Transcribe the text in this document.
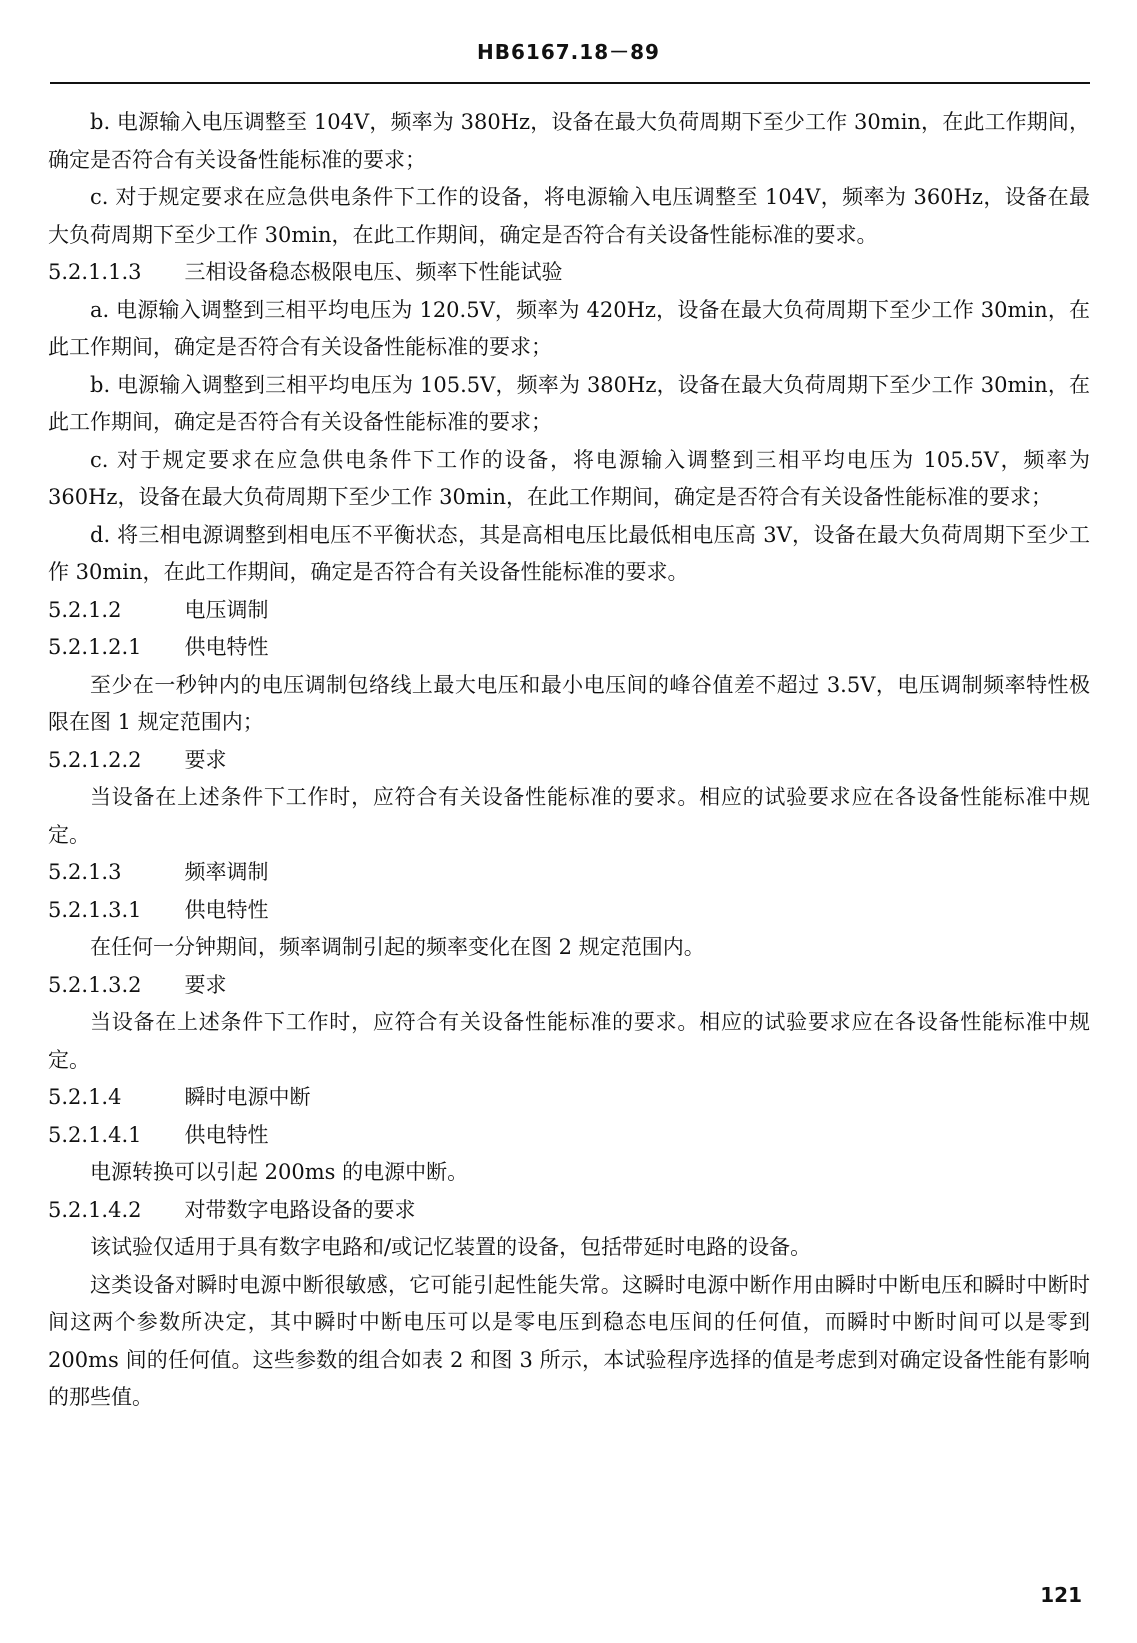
HB6167.18－89

b. 电源输入电压调整至 104V，频率为 380Hz，设备在最大负荷周期下至少工作 30min，在此工作期间，确定是否符合有关设备性能标准的要求；

c. 对于规定要求在应急供电条件下工作的设备，将电源输入电压调整至 104V，频率为 360Hz，设备在最大负荷周期下至少工作 30min，在此工作期间，确定是否符合有关设备性能标准的要求。

5.2.1.1.3 三相设备稳态极限电压、频率下性能试验

a. 电源输入调整到三相平均电压为 120.5V，频率为 420Hz，设备在最大负荷周期下至少工作 30min，在此工作期间，确定是否符合有关设备性能标准的要求；

b. 电源输入调整到三相平均电压为 105.5V，频率为 380Hz，设备在最大负荷周期下至少工作 30min，在此工作期间，确定是否符合有关设备性能标准的要求；

c. 对于规定要求在应急供电条件下工作的设备，将电源输入调整到三相平均电压为 105.5V，频率为 360Hz，设备在最大负荷周期下至少工作 30min，在此工作期间，确定是否符合有关设备性能标准的要求；

d. 将三相电源调整到相电压不平衡状态，其是高相电压比最低相电压高 3V，设备在最大负荷周期下至少工作 30min，在此工作期间，确定是否符合有关设备性能标准的要求。

5.2.1.2	电压调制

5.2.1.2.1 供电特性

至少在一秒钟内的电压调制包络线上最大电压和最小电压间的峰谷值差不超过 3.5V，电压调制频率特性极限在图 1 规定范围内；

5.2.1.2.2 要求

当设备在上述条件下工作时，应符合有关设备性能标准的要求。相应的试验要求应在各设备性能标准中规定。

5.2.1.3	频率调制

5.2.1.3.1 供电特性

在任何一分钟期间，频率调制引起的频率变化在图 2 规定范围内。

5.2.1.3.2 要求

当设备在上述条件下工作时，应符合有关设备性能标准的要求。相应的试验要求应在各设备性能标准中规定。

5.2.1.4	瞬时电源中断

5.2.1.4.1 供电特性

电源转换可以引起 200ms 的电源中断。

5.2.1.4.2 对带数字电路设备的要求

该试验仅适用于具有数字电路和/或记忆装置的设备，包括带延时电路的设备。

这类设备对瞬时电源中断很敏感，它可能引起性能失常。这瞬时电源中断作用由瞬时中断电压和瞬时中断时间这两个参数所决定，其中瞬时中断电压可以是零电压到稳态电压间的任何值，而瞬时中断时间可以是零到 200ms 间的任何值。这些参数的组合如表 2 和图 3 所示，本试验程序选择的值是考虑到对确定设备性能有影响的那些值。

121
